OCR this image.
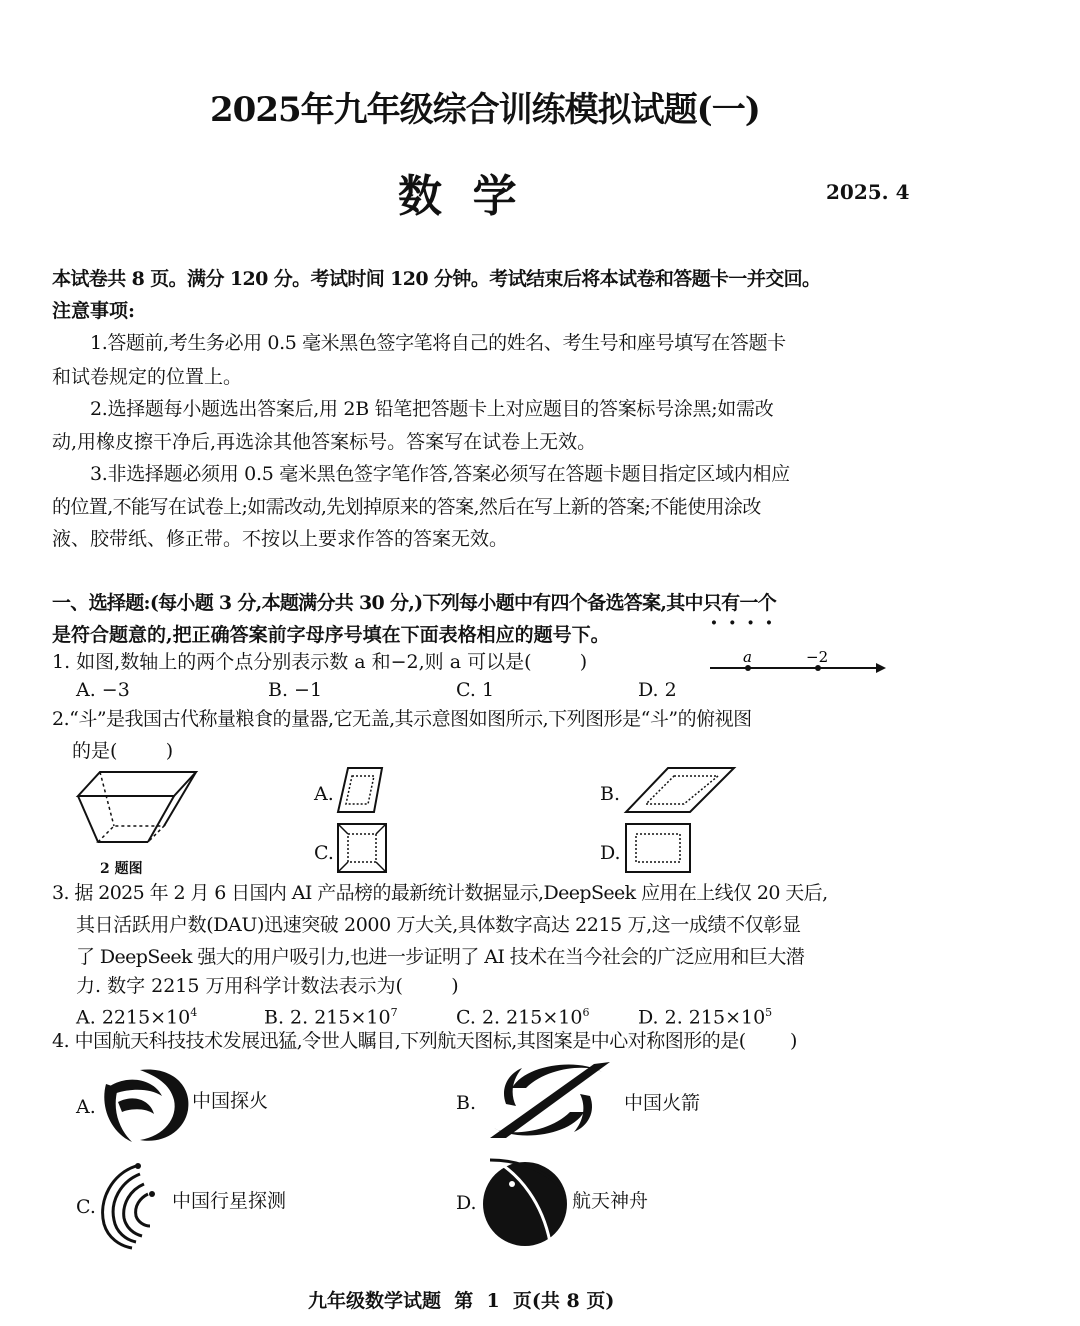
2025年九年级综合训练模拟试题(一)
数  学	2025. 4
本试卷共 8 页。满分 120 分。考试时间 120 分钟。考试结束后将本试卷和答题卡一并交回。
注意事项:
1.答题前,考生务必用 0.5 毫米黑色签字笔将自己的姓名、考生号和座号填写在答题卡
和试卷规定的位置上。
2.选择题每小题选出答案后,用 2B 铅笔把答题卡上对应题目的答案标号涂黑;如需改
动,用橡皮擦干净后,再选涂其他答案标号。答案写在试卷上无效。
3.非选择题必须用 0.5 毫米黑色签字笔作答,答案必须写在答题卡题目指定区域内相应
的位置,不能写在试卷上;如需改动,先划掉原来的答案,然后在写上新的答案;不能使用涂改
液、胶带纸、修正带。不按以上要求作答的答案无效。
一、选择题:(每小题 3 分,本题满分共 30 分,)下列每小题中有四个备选答案,其中只有一个
是符合题意的,把正确答案前字母序号填在下面表格相应的题号下。
1. 如图,数轴上的两个点分别表示数 a 和−2,则 a 可以是(        )	a	−2
A. −3	B. −1	C. 1	D. 2
2.“斗”是我国古代称量粮食的量器,它无盖,其示意图如图所示,下列图形是“斗”的俯视图
的是(        )
2 题图
A.	B.
C.	D.
3. 据 2025 年 2 月 6 日国内 AI 产品榜的最新统计数据显示,DeepSeek 应用在上线仅 20 天后,
其日活跃用户数(DAU)迅速突破 2000 万大关,具体数字高达 2215 万,这一成绩不仅彰显
了 DeepSeek 强大的用户吸引力,也进一步证明了 AI 技术在当今社会的广泛应用和巨大潜
力. 数字 2215 万用科学计数法表示为(        )
A. $2215\times 10^4$	B. 2. $215\times 10^7$	C. 2. $215\times 10^6$	D. 2. $215\times 10^5$
4. 中国航天科技技术发展迅猛,令世人瞩目,下列航天图标,其图案是中心对称图形的是(        )
A.	中国探火	B.	中国火箭
C.	中国行星探测	D.	航天神舟
九年级数学试题  第  1  页(共 8 页)
